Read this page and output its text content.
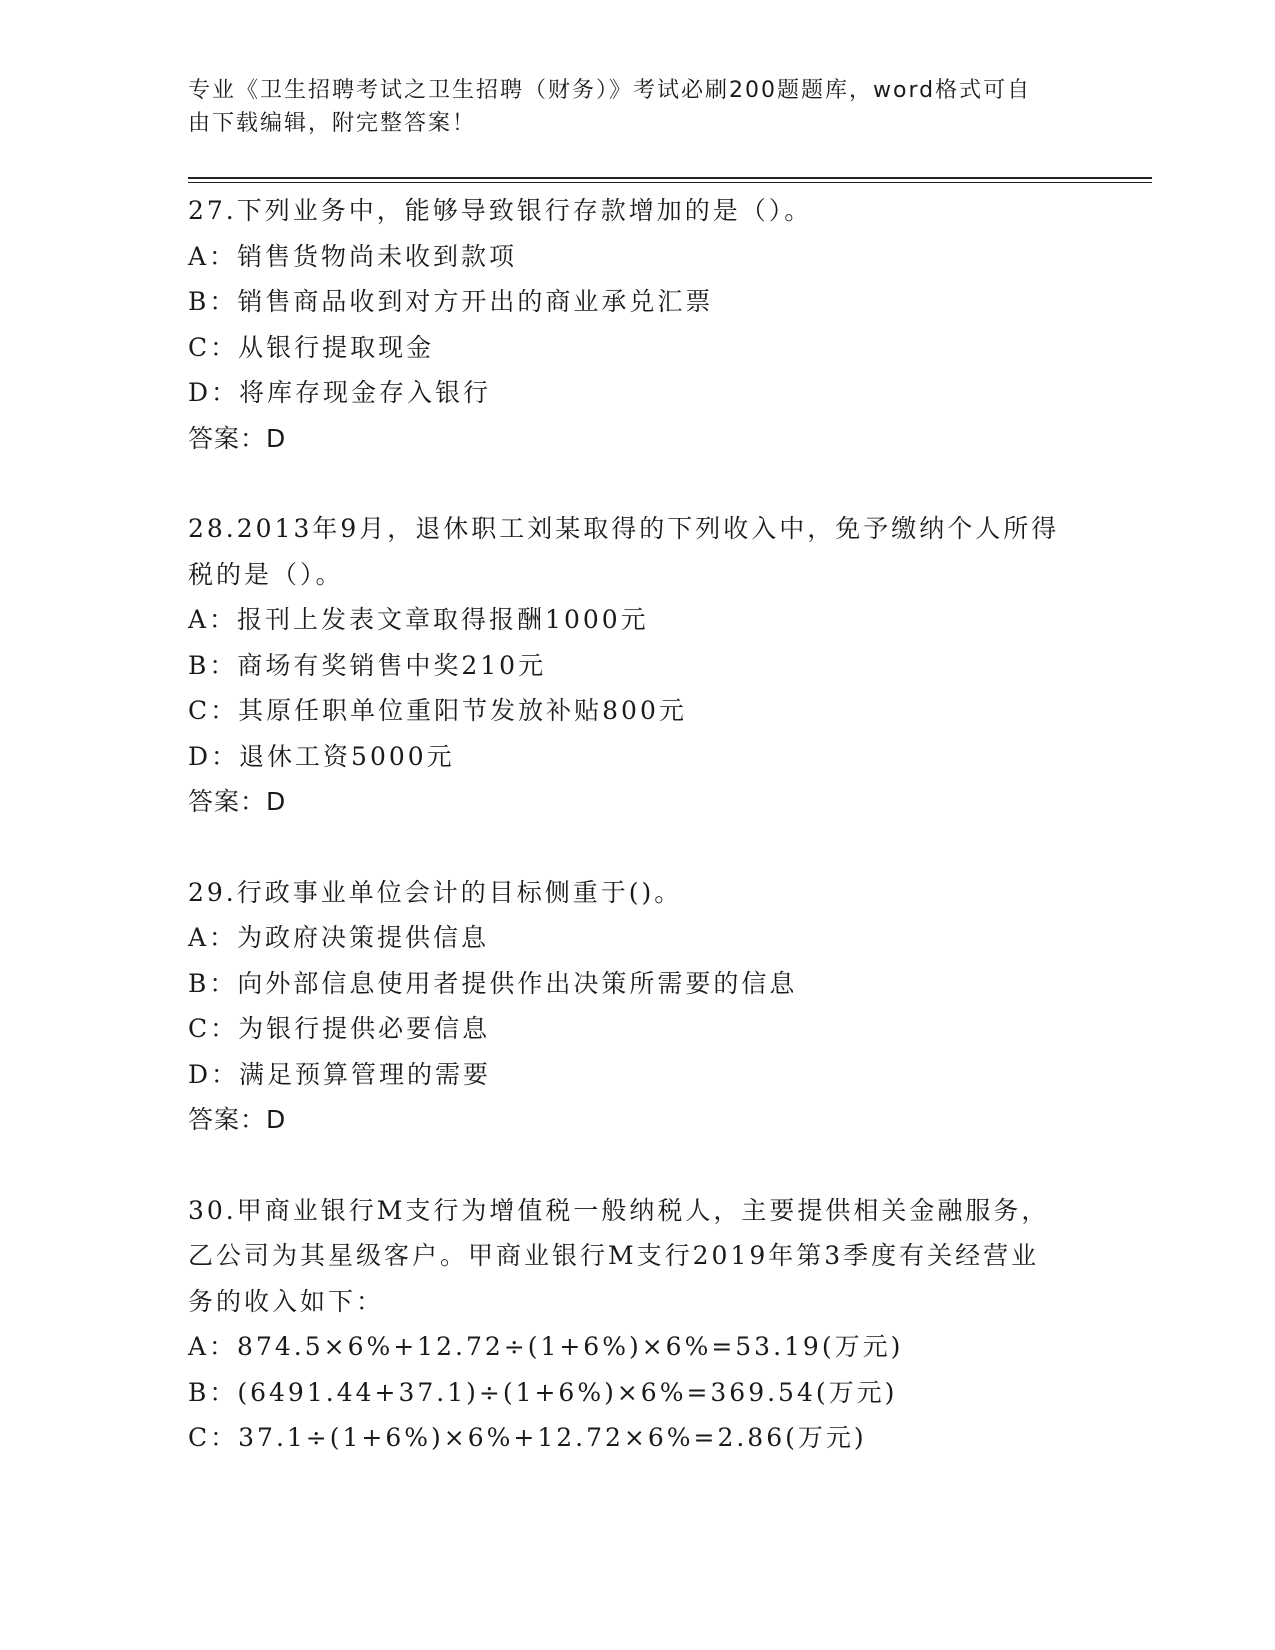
专业《卫生招聘考试之卫生招聘（财务）》考试必刷200题题库，word格式可自
由下载编辑，附完整答案！
27.下列业务中，能够导致银行存款增加的是（）。
A：销售货物尚未收到款项
B：销售商品收到对方开出的商业承兑汇票
C：从银行提取现金
D：将库存现金存入银行
答案：D
28.2013年9月，退休职工刘某取得的下列收入中，免予缴纳个人所得
税的是（）。
A：报刊上发表文章取得报酬1000元
B：商场有奖销售中奖210元
C：其原任职单位重阳节发放补贴800元
D：退休工资5000元
答案：D
29.行政事业单位会计的目标侧重于()。
A：为政府决策提供信息
B：向外部信息使用者提供作出决策所需要的信息
C：为银行提供必要信息
D：满足预算管理的需要
答案：D
30.甲商业银行M支行为增值税一般纳税人，主要提供相关金融服务，
乙公司为其星级客户。甲商业银行M支行2019年第3季度有关经营业
务的收入如下：
A：874.5×6%+12.72÷(1+6%)×6%=53.19(万元)
B：(6491.44+37.1)÷(1+6%)×6%=369.54(万元)
C：37.1÷(1+6%)×6%+12.72×6%=2.86(万元)
